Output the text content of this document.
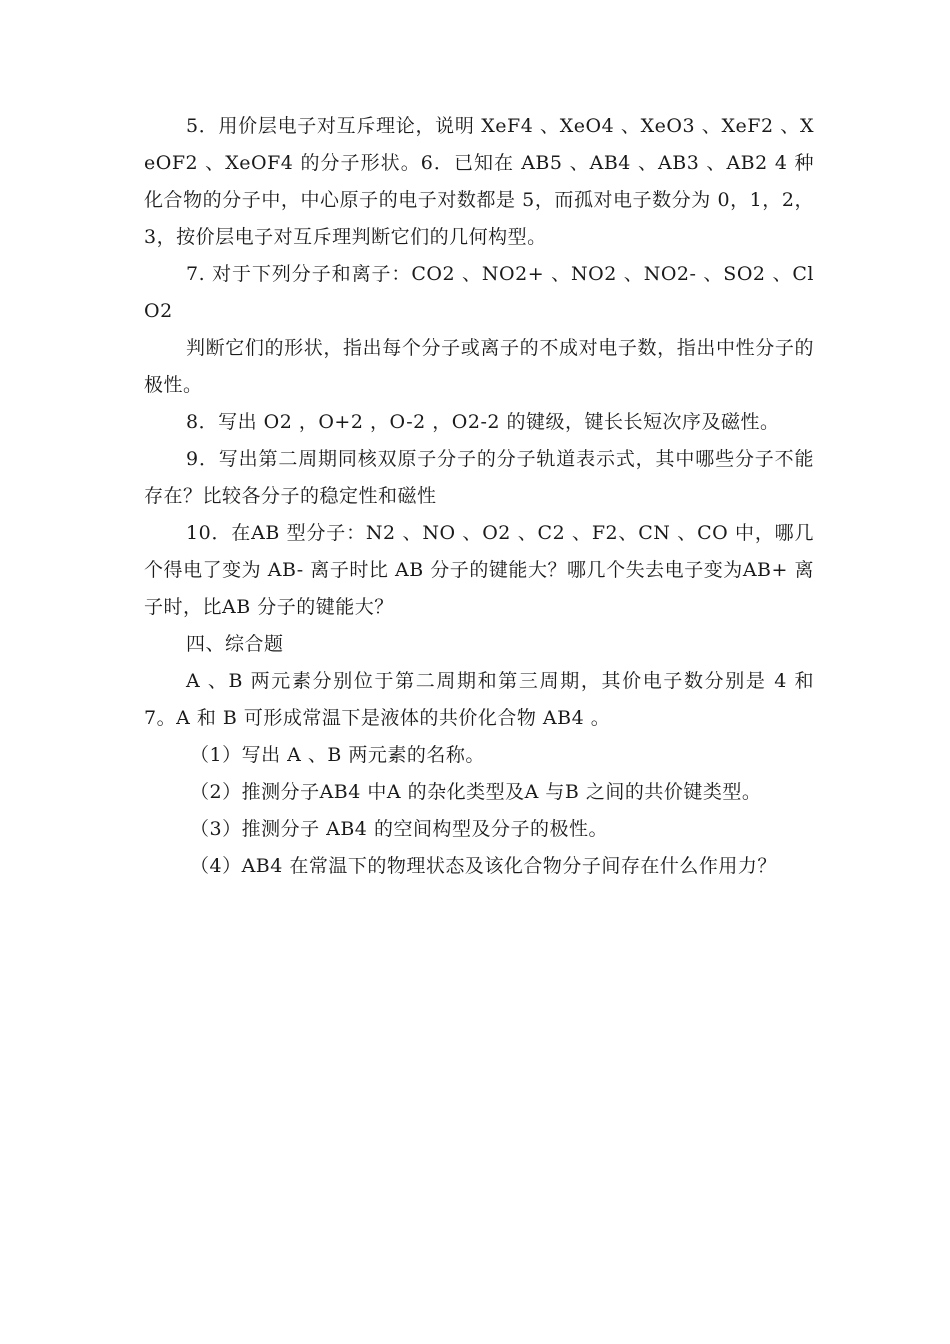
5．用价层电子对互斥理论，说明 XeF4 、XeO4 、XeO3 、XeF2 、XeOF2 、XeOF4 的分子形状。6．已知在 AB5 、AB4 、AB3 、AB2 4 种化合物的分子中，中心原子的电子对数都是 5，而孤对电子数分为 0，1，2，3，按价层电子对互斥理判断它们的几何构型。

7. 对于下列分子和离子：CO2 、NO2+ 、NO2 、NO2- 、SO2 、ClO2

判断它们的形状，指出每个分子或离子的不成对电子数，指出中性分子的极性。

8．写出 O2 ，O+2 ，O-2 ，O2-2 的键级，键长长短次序及磁性。

9．写出第二周期同核双原子分子的分子轨道表示式，其中哪些分子不能存在？比较各分子的稳定性和磁性

10．在AB 型分子：N2 、NO 、O2 、C2 、F2、CN 、CO 中，哪几个得电了变为 AB- 离子时比 AB 分子的键能大？哪几个失去电子变为AB+ 离子时，比AB 分子的键能大？

四、综合题

A 、B 两元素分别位于第二周期和第三周期，其价电子数分别是 4 和 7。A 和 B 可形成常温下是液体的共价化合物 AB4 。

（1）写出 A 、B 两元素的名称。

（2）推测分子AB4 中A 的杂化类型及A 与B 之间的共价键类型。

（3）推测分子 AB4 的空间构型及分子的极性。

（4）AB4 在常温下的物理状态及该化合物分子间存在什么作用力？
